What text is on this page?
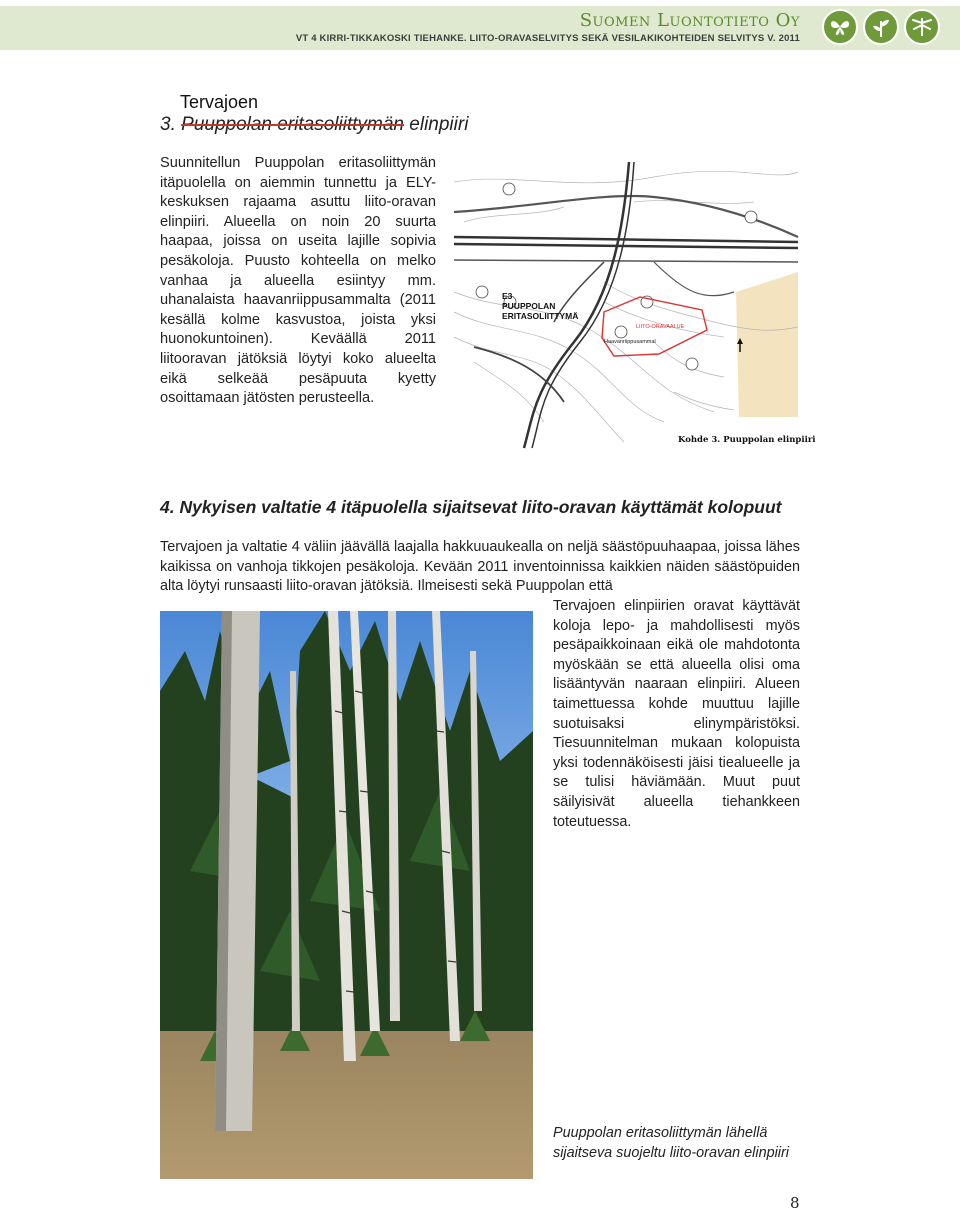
Suomen Luontotieto Oy
VT 4 KIRRI-TIKKAKOSKI TIEHANKE. LIITO-ORAVASELVITYS SEKÄ VESILAKIKOHTEIDEN SELVITYS V. 2011
Tervajoen
3. Puuppolan eritasoliittymän elinpiiri
Suunnitellun Puuppolan eritasoliittymän itäpuolella on aiemmin tunnettu ja ELY-keskuksen rajaama asuttu liito-oravan elinpiiri. Alueella on noin 20 suurta haapaa, joissa on useita lajille sopivia pesäkoloja. Puusto kohteella on melko vanhaa ja alueella esiintyy mm. uhanalaista haavanriippusammalta (2011 kesällä kolme kasvustoa, joista yksi huonokuntoinen). Keväällä 2011 liitooravan jätöksiä löytyi koko alueelta eikä selkeää pesäpuuta kyetty osoittamaan jätösten perusteella.
E3
PUUPPOLAN
ERITASOLIITTYMÄ
LIITO-ORAVAALUE
Haavanriippusammal
Kohde 3. Puuppolan elinpiiri
4. Nykyisen valtatie 4 itäpuolella sijaitsevat liito-oravan käyttämät kolopuut
Tervajoen ja valtatie 4 väliin jäävällä laajalla hakkuuaukealla on neljä säästöpuuhaapaa, joissa lähes kaikissa on vanhoja tikkojen pesäkoloja. Kevään 2011 inventoinnissa kaikkien näiden säästöpuiden alta löytyi runsaasti liito-oravan jätöksiä. Ilmeisesti sekä Puuppolan että
Tervajoen elinpiirien oravat käyttävät koloja lepo- ja mahdollisesti myös pesäpaikkoinaan eikä ole mahdotonta myöskään se että alueella olisi oma lisääntyvän naaraan elinpiiri. Alueen taimettuessa kohde muuttuu lajille suotuisaksi elinympäristöksi. Tiesuunnitelman mukaan kolopuista yksi todennäköisesti jäisi tiealueelle ja se tulisi häviämään. Muut puut säilyisivät alueella tiehankkeen toteutuessa.
Puuppolan eritasoliittymän lähellä sijaitseva suojeltu liito-oravan elinpiiri
8
